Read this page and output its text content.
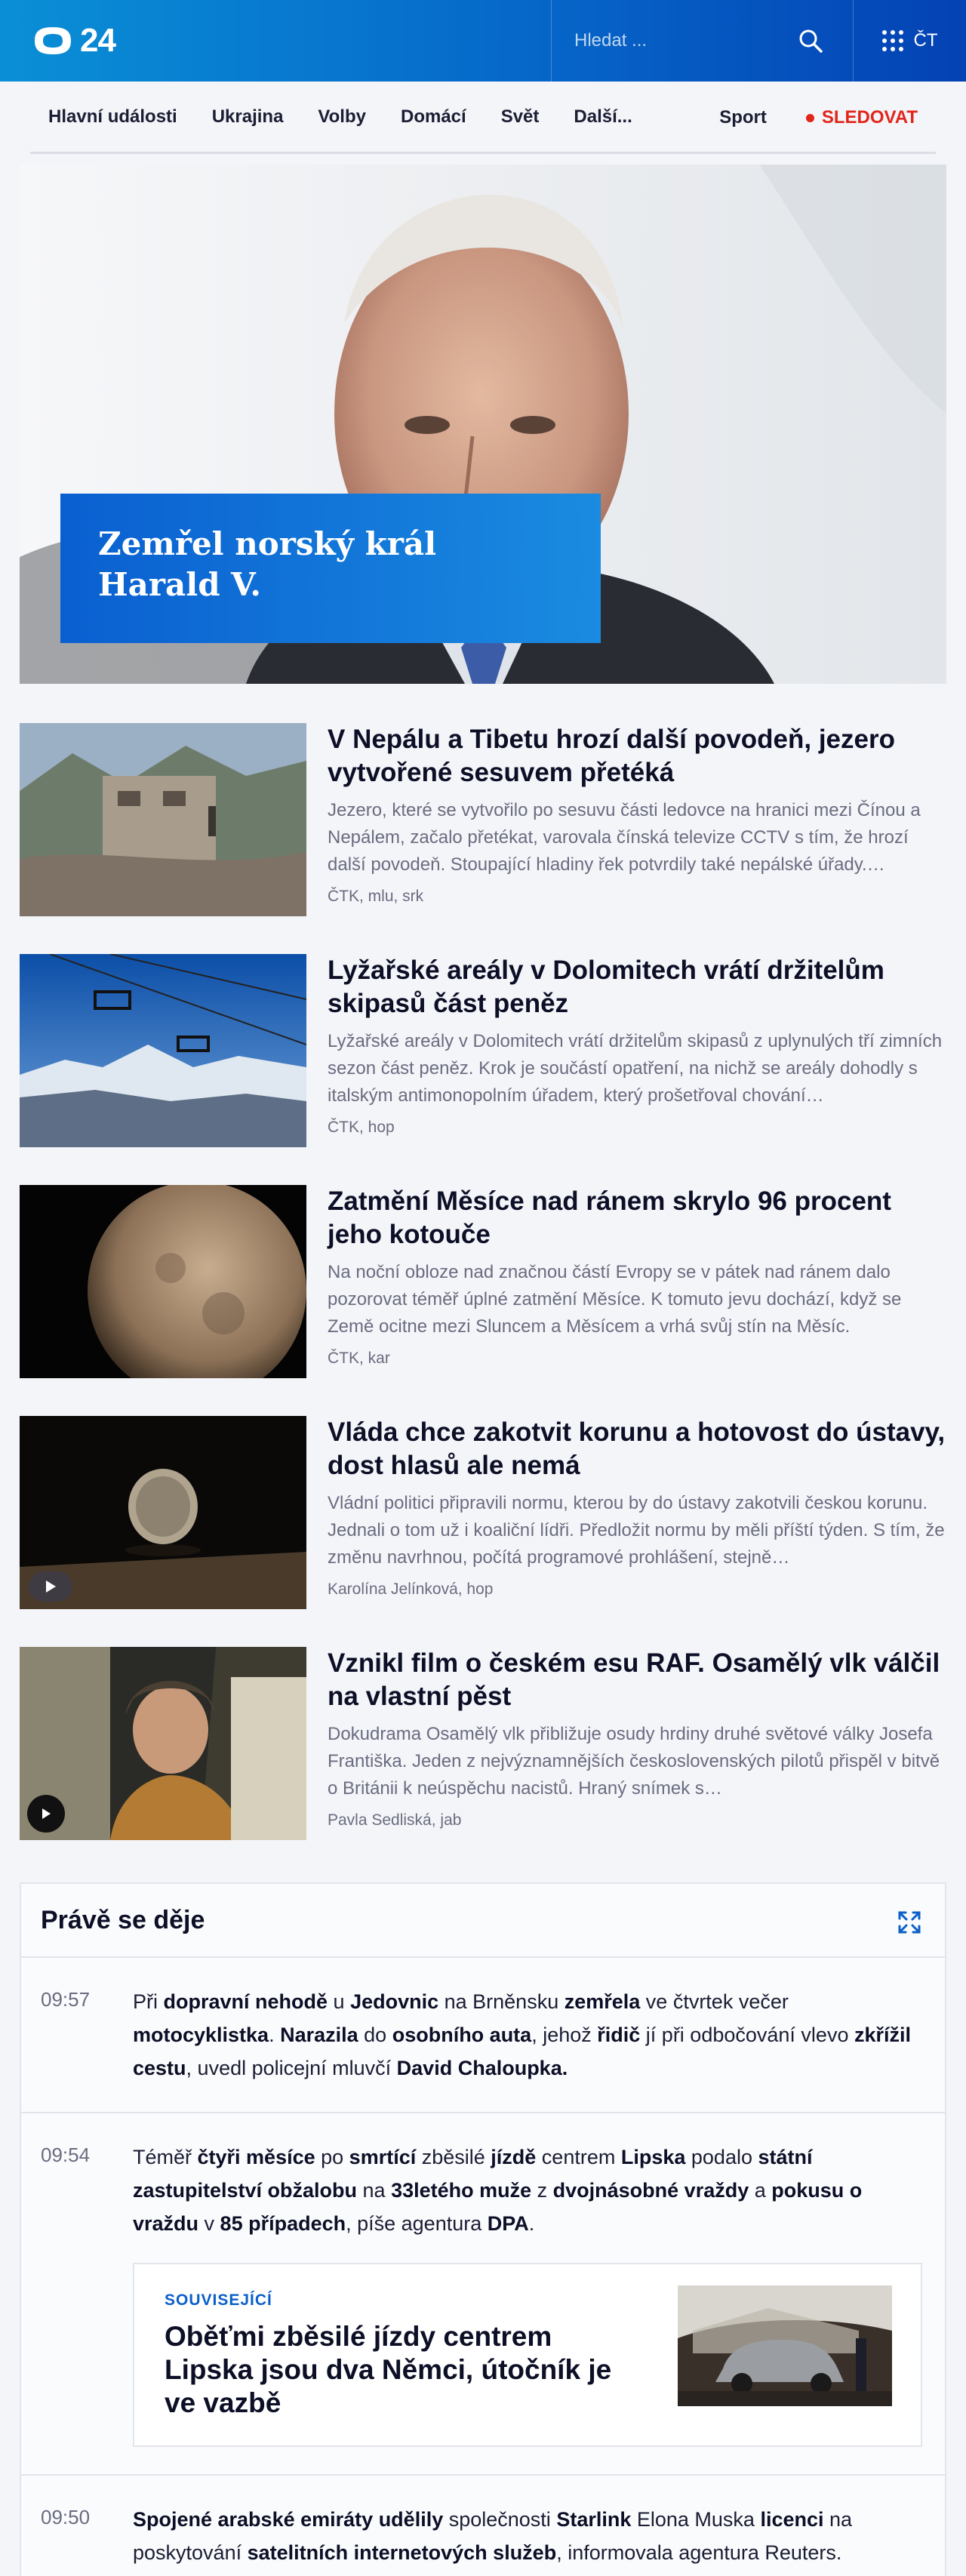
24
Hledat ...	ČT
Hlavní události Ukrajina Volby Domácí Svět Další...	Sport	SLEDOVAT
Zemřel norský král
Harald V.
V Nepálu a Tibetu hrozí další povodeň, jezero vytvořené sesuvem přetéká
Jezero, které se vytvořilo po sesuvu části ledovce na hranici mezi Čínou a Nepálem, začalo přetékat, varovala čínská televize CCTV s tím, že hrozí další povodeň. Stoupající hladiny řek potvrdily také nepálské úřady.…
ČTK, mlu, srk
Lyžařské areály v Dolomitech vrátí držitelům skipasů část peněz
Lyžařské areály v Dolomitech vrátí držitelům skipasů z uplynulých tří zimních sezon část peněz. Krok je součástí opatření, na nichž se areály dohodly s italským antimonopolním úřadem, který prošetřoval chování…
ČTK, hop
Zatmění Měsíce nad ránem skrylo 96 procent jeho kotouče
Na noční obloze nad značnou částí Evropy se v pátek nad ránem dalo pozorovat téměř úplné zatmění Měsíce. K tomuto jevu dochází, když se Země ocitne mezi Sluncem a Měsícem a vrhá svůj stín na Měsíc.
ČTK, kar
Vláda chce zakotvit korunu a hotovost do ústavy, dost hlasů ale nemá
Vládní politici připravili normu, kterou by do ústavy zakotvili českou korunu. Jednali o tom už i koaliční lídři. Předložit normu by měli příští týden. S tím, že změnu navrhnou, počítá programové prohlášení, stejně…
Karolína Jelínková, hop
Vznikl film o českém esu RAF. Osamělý vlk válčil na vlastní pěst
Dokudrama Osamělý vlk přibližuje osudy hrdiny druhé světové války Josefa Františka. Jeden z nejvýznamnějších československých pilotů přispěl v bitvě o Británii k neúspěchu nacistů. Hraný snímek s…
Pavla Sedliská, jab
Právě se děje
09:57 Při dopravní nehodě u Jedovnic na Brněnsku zemřela ve čtvrtek večer motocyklistka. Narazila do osobního auta, jehož řidič jí při odbočování vlevo zkřížil cestu, uvedl policejní mluvčí David Chaloupka.
09:54 Téměř čtyři měsíce po smrtící zběsilé jízdě centrem Lipska podalo státní zastupitelství obžalobu na 33letého muže z dvojnásobné vraždy a pokusu o vraždu v 85 případech, píše agentura DPA.
SOUVISEJÍCÍ
Oběťmi zběsilé jízdy centrem Lipska jsou dva Němci, útočník je ve vazbě
09:50 Spojené arabské emiráty udělily společnosti Starlink Elona Muska licenci na poskytování satelitních internetových služeb, informovala agentura Reuters.
